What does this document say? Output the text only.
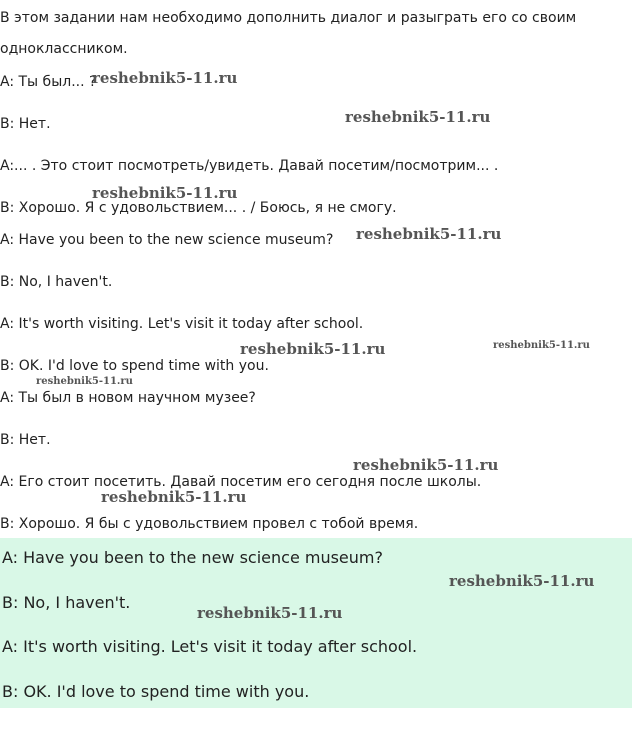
В этом задании нам необходимо дополнить диалог и разыграть его со своим
одноклассником.
A: Ты был... ?
B: Нет.
A:... . Это стоит посмотреть/увидеть. Давай посетим/посмотрим... .
B: Хорошо. Я с удовольствием... . / Боюсь, я не смогу.
A: Have you been to the new science museum?
B: No, I haven't.
A: It's worth visiting. Let's visit it today after school.
B: OK. I'd love to spend time with you.
A: Ты был в новом научном музее?
B: Нет.
A: Его стоит посетить. Давай посетим его сегодня после школы.
B: Хорошо. Я бы с удовольствием провел с тобой время.
A: Have you been to the new science museum?
B: No, I haven't.
A: It's worth visiting. Let's visit it today after school.
B: OK. I'd love to spend time with you.
reshebnik5-11.ru
reshebnik5-11.ru
reshebnik5-11.ru
reshebnik5-11.ru
reshebnik5-11.ru	reshebnik5-11.ru
reshebnik5-11.ru
reshebnik5-11.ru
reshebnik5-11.ru
reshebnik5-11.ru
reshebnik5-11.ru
